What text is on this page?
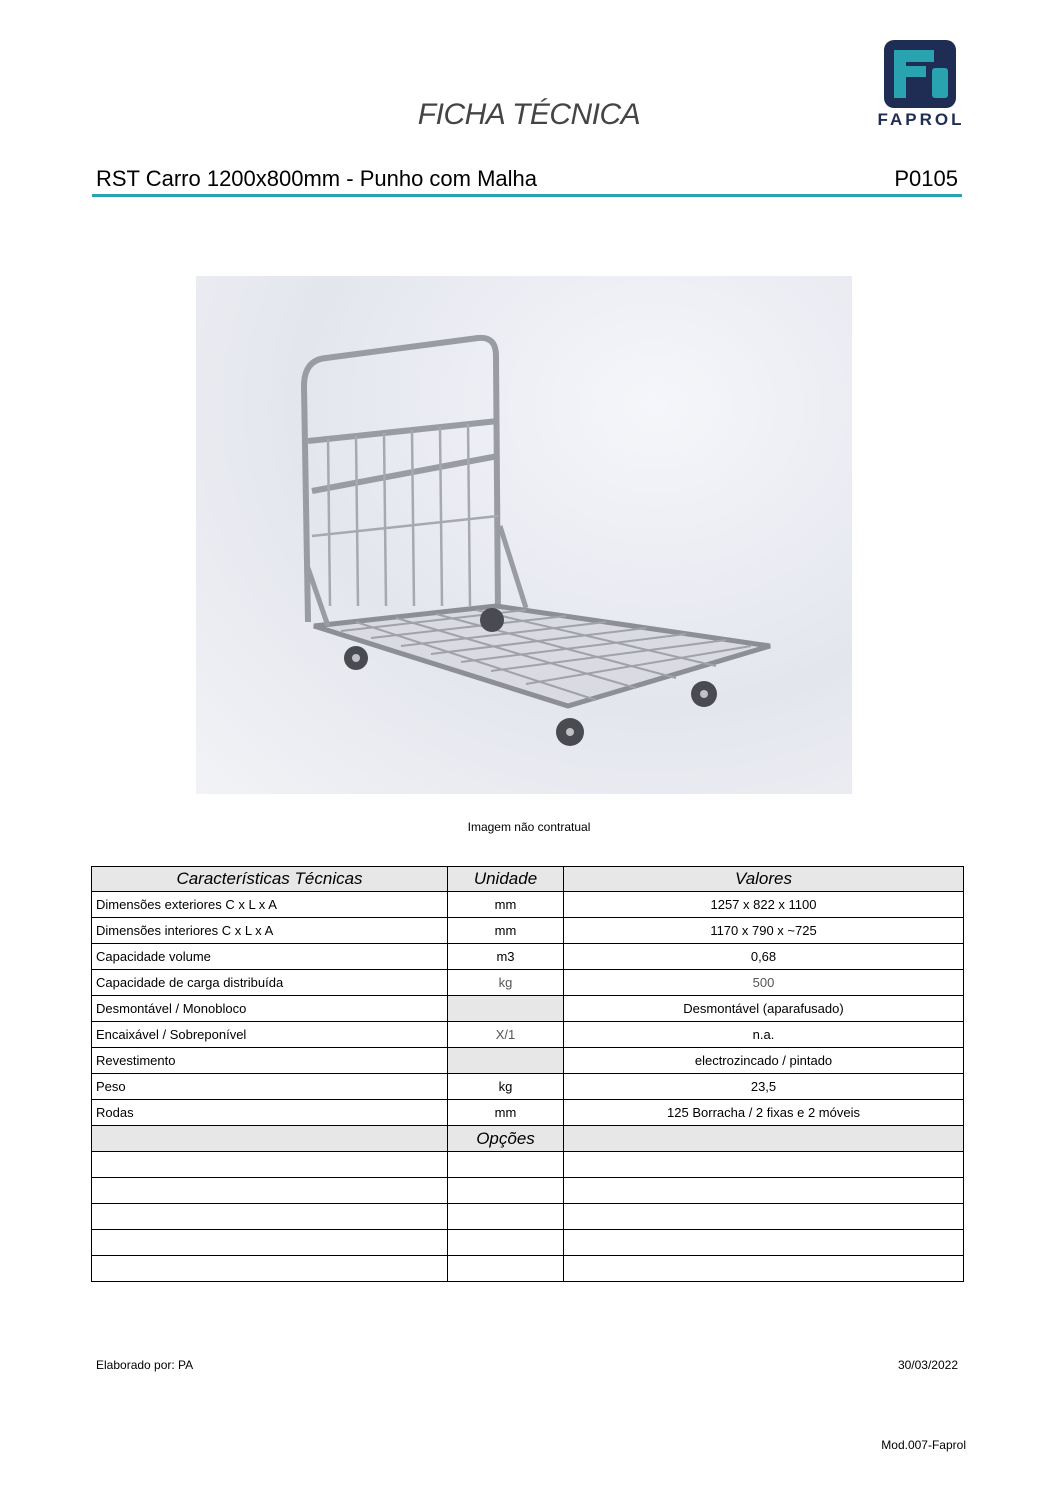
FICHA TÉCNICA	FAPROL
RST Carro 1200x800mm - Punho com Malha	P0105
Imagem não contratual
Características Técnicas	Unidade	Valores
Dimensões exteriores C x L x A	mm	1257 x 822 x 1100
Dimensões interiores C x L x A	mm	1170 x 790 x ~725
Capacidade volume	m3	0,68
Capacidade de carga distribuída	kg	500
Desmontável / Monobloco		Desmontável (aparafusado)
Encaixável / Sobreponível	X/1	n.a.
Revestimento		electrozincado / pintado
Peso	kg	23,5
Rodas	mm	125 Borracha / 2 fixas e 2 móveis
	Opções	

Elaborado por: PA	30/03/2022
Mod.007-Faprol
